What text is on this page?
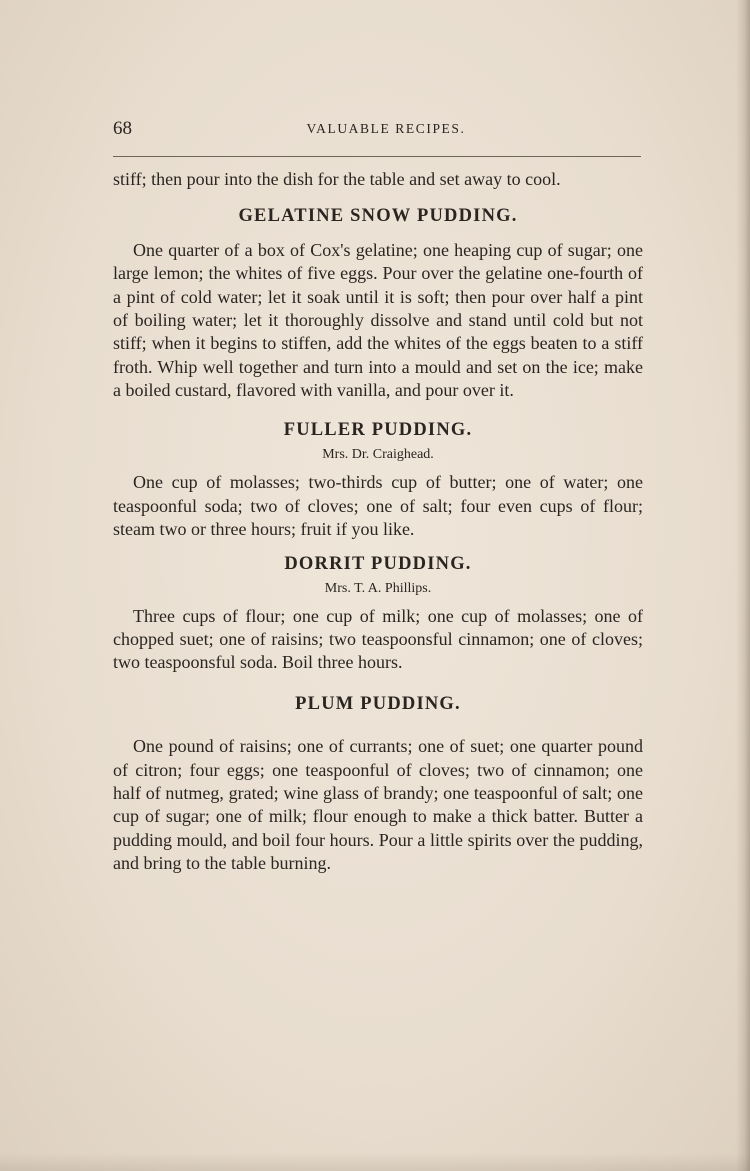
68	VALUABLE RECIPES.

stiff; then pour into the dish for the table and set away to cool.

GELATINE SNOW PUDDING.

One quarter of a box of Cox's gelatine; one heaping cup of sugar; one large lemon; the whites of five eggs. Pour over the gelatine one-fourth of a pint of cold water; let it soak until it is soft; then pour over half a pint of boiling water; let it thoroughly dissolve and stand until cold but not stiff; when it begins to stiffen, add the whites of the eggs beaten to a stiff froth. Whip well together and turn into a mould and set on the ice; make a boiled custard, flavored with vanilla, and pour over it.

FULLER PUDDING.

Mrs. Dr. Craighead.

One cup of molasses; two-thirds cup of butter; one of water; one teaspoonful soda; two of cloves; one of salt; four even cups of flour; steam two or three hours; fruit if you like.

DORRIT PUDDING.

Mrs. T. A. Phillips.

Three cups of flour; one cup of milk; one cup of molasses; one of chopped suet; one of raisins; two teaspoonsful cinnamon; one of cloves; two teaspoonsful soda. Boil three hours.

PLUM PUDDING.

One pound of raisins; one of currants; one of suet; one quarter pound of citron; four eggs; one teaspoonful of cloves; two of cinnamon; one half of nutmeg, grated; wine glass of brandy; one teaspoonful of salt; one cup of sugar; one of milk; flour enough to make a thick batter. Butter a pudding mould, and boil four hours. Pour a little spirits over the pudding, and bring to the table burning.
